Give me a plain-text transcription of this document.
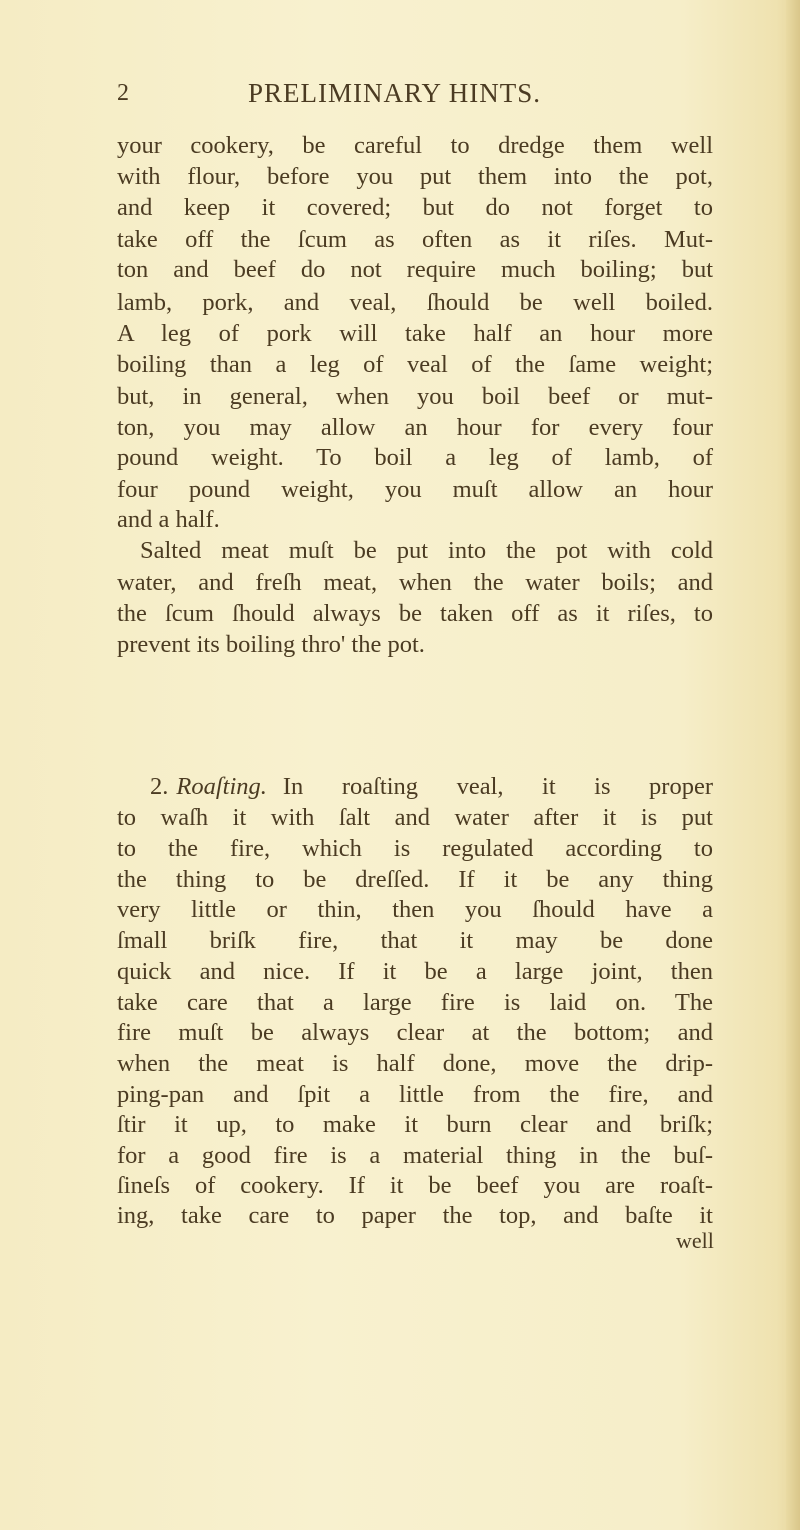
2	PRELIMINARY HINTS.
your cookery, be careful to dredge them well
with flour, before you put them into the pot,
and keep it covered; but do not forget to
take off the ſcum as often as it riſes. Mut-
ton and beef do not require much boiling; but
lamb, pork, and veal, ſhould be well boiled.
A leg of pork will take half an hour more
boiling than a leg of veal of the ſame weight;
but, in general, when you boil beef or mut-
ton, you may allow an hour for every four
pound weight. To boil a leg of lamb, of
four pound weight, you muſt allow an hour
and a half.
Salted meat muſt be put into the pot with cold
water, and freſh meat, when the water boils; and
the ſcum ſhould always be taken off as it riſes, to
prevent its boiling thro' the pot.
2. Roaſting. In roaſting veal, it is proper
to waſh it with ſalt and water after it is put
to the fire, which is regulated according to
the thing to be dreſſed. If it be any thing
very little or thin, then you ſhould have a
ſmall briſk fire, that it may be done
quick and nice. If it be a large joint, then
take care that a large fire is laid on. The
fire muſt be always clear at the bottom; and
when the meat is half done, move the drip-
ping-pan and ſpit a little from the fire, and
ſtir it up, to make it burn clear and briſk;
for a good fire is a material thing in the buſ-
ſineſs of cookery. If it be beef you are roaſt-
ing, take care to paper the top, and baſte it
well
